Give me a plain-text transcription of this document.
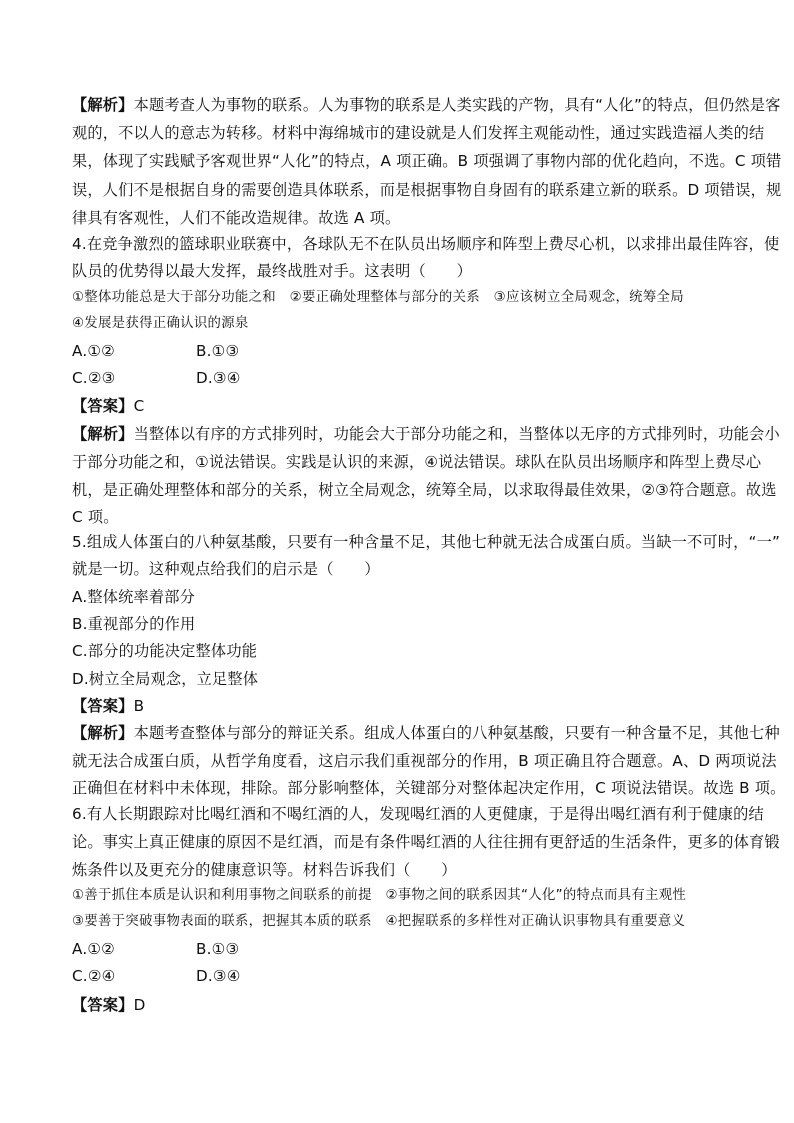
【解析】本题考查人为事物的联系。人为事物的联系是人类实践的产物，具有“人化”的特点，但仍然是客
观的，不以人的意志为转移。材料中海绵城市的建设就是人们发挥主观能动性，通过实践造福人类的结
果，体现了实践赋予客观世界“人化”的特点，A 项正确。B 项强调了事物内部的优化趋向，不选。C 项错
误，人们不是根据自身的需要创造具体联系，而是根据事物自身固有的联系建立新的联系。D 项错误，规
律具有客观性，人们不能改造规律。故选 A 项。
4.在竞争激烈的篮球职业联赛中，各球队无不在队员出场顺序和阵型上费尽心机，以求排出最佳阵容，使
队员的优势得以最大发挥，最终战胜对手。这表明（　　）
①整体功能总是大于部分功能之和　②要正确处理整体与部分的关系　③应该树立全局观念，统筹全局
④发展是获得正确认识的源泉
A.①②	B.①③
C.②③	D.③④
【答案】C
【解析】当整体以有序的方式排列时，功能会大于部分功能之和，当整体以无序的方式排列时，功能会小
于部分功能之和，①说法错误。实践是认识的来源，④说法错误。球队在队员出场顺序和阵型上费尽心
机，是正确处理整体和部分的关系，树立全局观念，统筹全局，以求取得最佳效果，②③符合题意。故选
C 项。
5.组成人体蛋白的八种氨基酸，只要有一种含量不足，其他七种就无法合成蛋白质。当缺一不可时，“一”
就是一切。这种观点给我们的启示是（　　）
A.整体统率着部分
B.重视部分的作用
C.部分的功能决定整体功能
D.树立全局观念，立足整体
【答案】B
【解析】本题考查整体与部分的辩证关系。组成人体蛋白的八种氨基酸，只要有一种含量不足，其他七种
就无法合成蛋白质，从哲学角度看，这启示我们重视部分的作用，B 项正确且符合题意。A、D 两项说法
正确但在材料中未体现，排除。部分影响整体，关键部分对整体起决定作用，C 项说法错误。故选 B 项。
6.有人长期跟踪对比喝红酒和不喝红酒的人，发现喝红酒的人更健康，于是得出喝红酒有利于健康的结
论。事实上真正健康的原因不是红酒，而是有条件喝红酒的人往往拥有更舒适的生活条件，更多的体育锻
炼条件以及更充分的健康意识等。材料告诉我们（　　）
①善于抓住本质是认识和利用事物之间联系的前提　②事物之间的联系因其“人化”的特点而具有主观性
③要善于突破事物表面的联系，把握其本质的联系　④把握联系的多样性对正确认识事物具有重要意义
A.①②	B.①③
C.②④	D.③④
【答案】D
